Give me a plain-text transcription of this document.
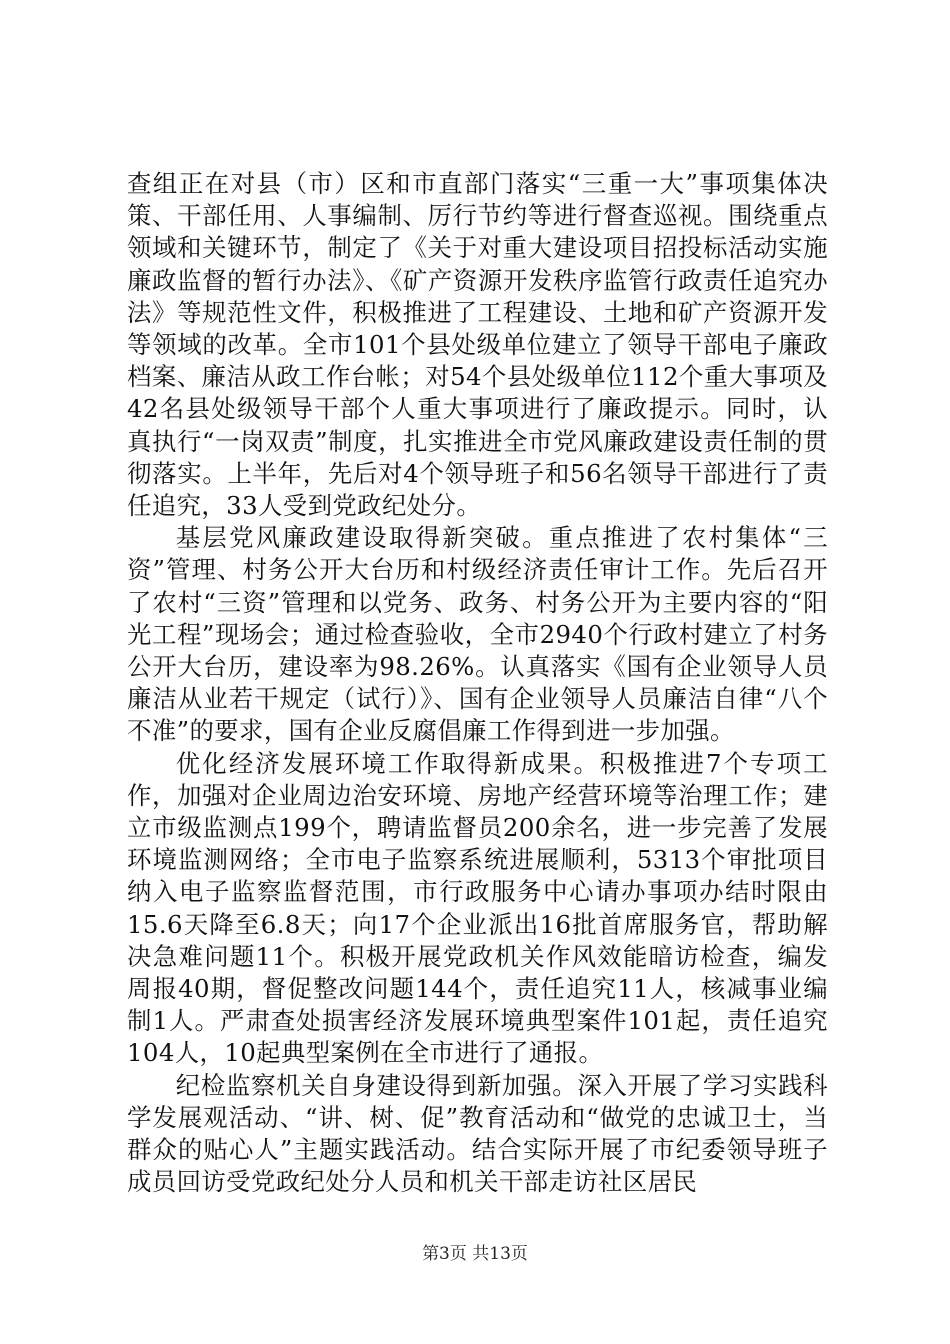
查组正在对县（市）区和市直部门落实“三重一大”事项集体决策、干部任用、人事编制、厉行节约等进行督查巡视。围绕重点领域和关键环节，制定了《关于对重大建设项目招投标活动实施廉政监督的暂行办法》、《矿产资源开发秩序监管行政责任追究办法》等规范性文件，积极推进了工程建设、土地和矿产资源开发等领域的改革。全市101个县处级单位建立了领导干部电子廉政档案、廉洁从政工作台帐；对54个县处级单位112个重大事项及42名县处级领导干部个人重大事项进行了廉政提示。同时，认真执行“一岗双责”制度，扎实推进全市党风廉政建设责任制的贯彻落实。上半年，先后对4个领导班子和56名领导干部进行了责任追究，33人受到党政纪处分。

基层党风廉政建设取得新突破。重点推进了农村集体“三资”管理、村务公开大台历和村级经济责任审计工作。先后召开了农村“三资”管理和以党务、政务、村务公开为主要内容的“阳光工程”现场会；通过检查验收，全市2940个行政村建立了村务公开大台历，建设率为98.26%。认真落实《国有企业领导人员廉洁从业若干规定（试行）》、国有企业领导人员廉洁自律“八个不准”的要求，国有企业反腐倡廉工作得到进一步加强。

优化经济发展环境工作取得新成果。积极推进7个专项工作，加强对企业周边治安环境、房地产经营环境等治理工作；建立市级监测点199个，聘请监督员200余名，进一步完善了发展环境监测网络；全市电子监察系统进展顺利，5313个审批项目纳入电子监察监督范围，市行政服务中心请办事项办结时限由15.6天降至6.8天；向17个企业派出16批首席服务官，帮助解决急难问题11个。积极开展党政机关作风效能暗访检查，编发周报40期，督促整改问题144个，责任追究11人，核减事业编制1人。严肃查处损害经济发展环境典型案件101起，责任追究104人，10起典型案例在全市进行了通报。

纪检监察机关自身建设得到新加强。深入开展了学习实践科学发展观活动、“讲、树、促”教育活动和“做党的忠诚卫士，当群众的贴心人”主题实践活动。结合实际开展了市纪委领导班子成员回访受党政纪处分人员和机关干部走访社区居民

第3页 共13页
